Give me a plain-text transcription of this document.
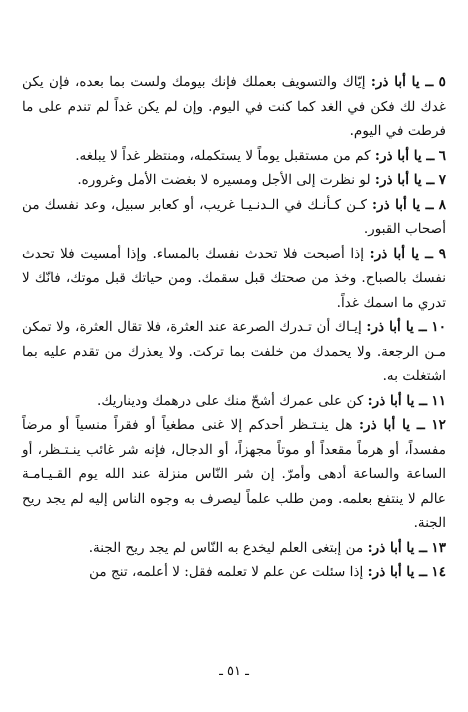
٥ ــ يا أبا ذر: إيّاك والتسويف بعملك فإنك بيومك ولست بما بعده، فإن يكن غدك لك فكن في الغد كما كنت في اليوم. وإن لم يكن غداً لم تندم على ما فرطت في اليوم.

٦ ــ يا أبا ذر: كم من مستقبل يوماً لا يستكمله، ومنتظر غداً لا يبلغه.

٧ ــ يا أبا ذر: لو نظرت إلى الأجل ومسيره لا بغضت الأمل وغروره.

٨ ــ يا أبا ذر: كـن كـأنـك في الـدنـيـا غريب، أو كعابر سبيل، وعد نفسك من أصحاب القبور.

٩ ــ يا أبا ذر: إذا أصبحت فلا تحدث نفسك بالمساء. وإذا أمسيت فلا تحدث نفسك بالصباح. وخذ من صحتك قبل سقمك. ومن حياتك قبل موتك، فانّك لا تدري ما اسمك غداً.

١٠ ــ يا أبا ذر: إيـاك أن تـدرك الصرعة عند العثرة، فلا تقال العثرة، ولا تمكن مـن الرجعة. ولا يحمدك من خلفت بما تركت. ولا يعذرك من تقدم عليه بما اشتغلت به.

١١ ــ يا أبا ذر: كن على عمرك أشحّ منك على درهمك وديناريك.

١٢ ــ يا أبا ذر: هل ينـتـظر أحدكم إلا غنى مطغياً أو فقراً منسياً أو مرضاً مفسداً، أو هرماً مقعداً أو موتاً مجهزاً، أو الدجال، فإنه شر غائب ينـتـظر، أو الساعة والساعة أدهى وأمرّ. إن شر النّاس منزلة عند الله يوم القـيـامـة عالم لا ينتفع بعلمه. ومن طلب علماً ليصرف به وجوه الناس إليه لم يجد ريح الجنة.

١٣ ــ يا أبا ذر: من إبتغى العلم ليخدع به النّاس لم يجد ريح الجنة.

١٤ ــ يا أبا ذر: إذا سئلت عن علم لا تعلمه فقل: لا أعلمه، تنج من

ـ ٥١ ـ
